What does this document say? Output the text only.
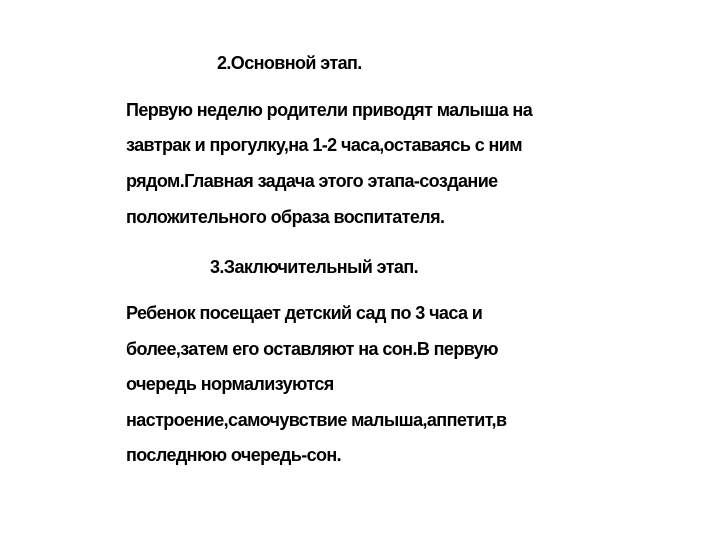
2.Основной этап.
Первую неделю родители приводят малыша на
завтрак и прогулку,на 1-2 часа,оставаясь с ним
рядом.Главная задача этого этапа-создание
положительного образа воспитателя.
3.Заключительный этап.
Ребенок посещает детский сад по 3 часа и
более,затем его оставляют на сон.В первую
очередь нормализуются
настроение,самочувствие малыша,аппетит,в
последнюю очередь-сон.
